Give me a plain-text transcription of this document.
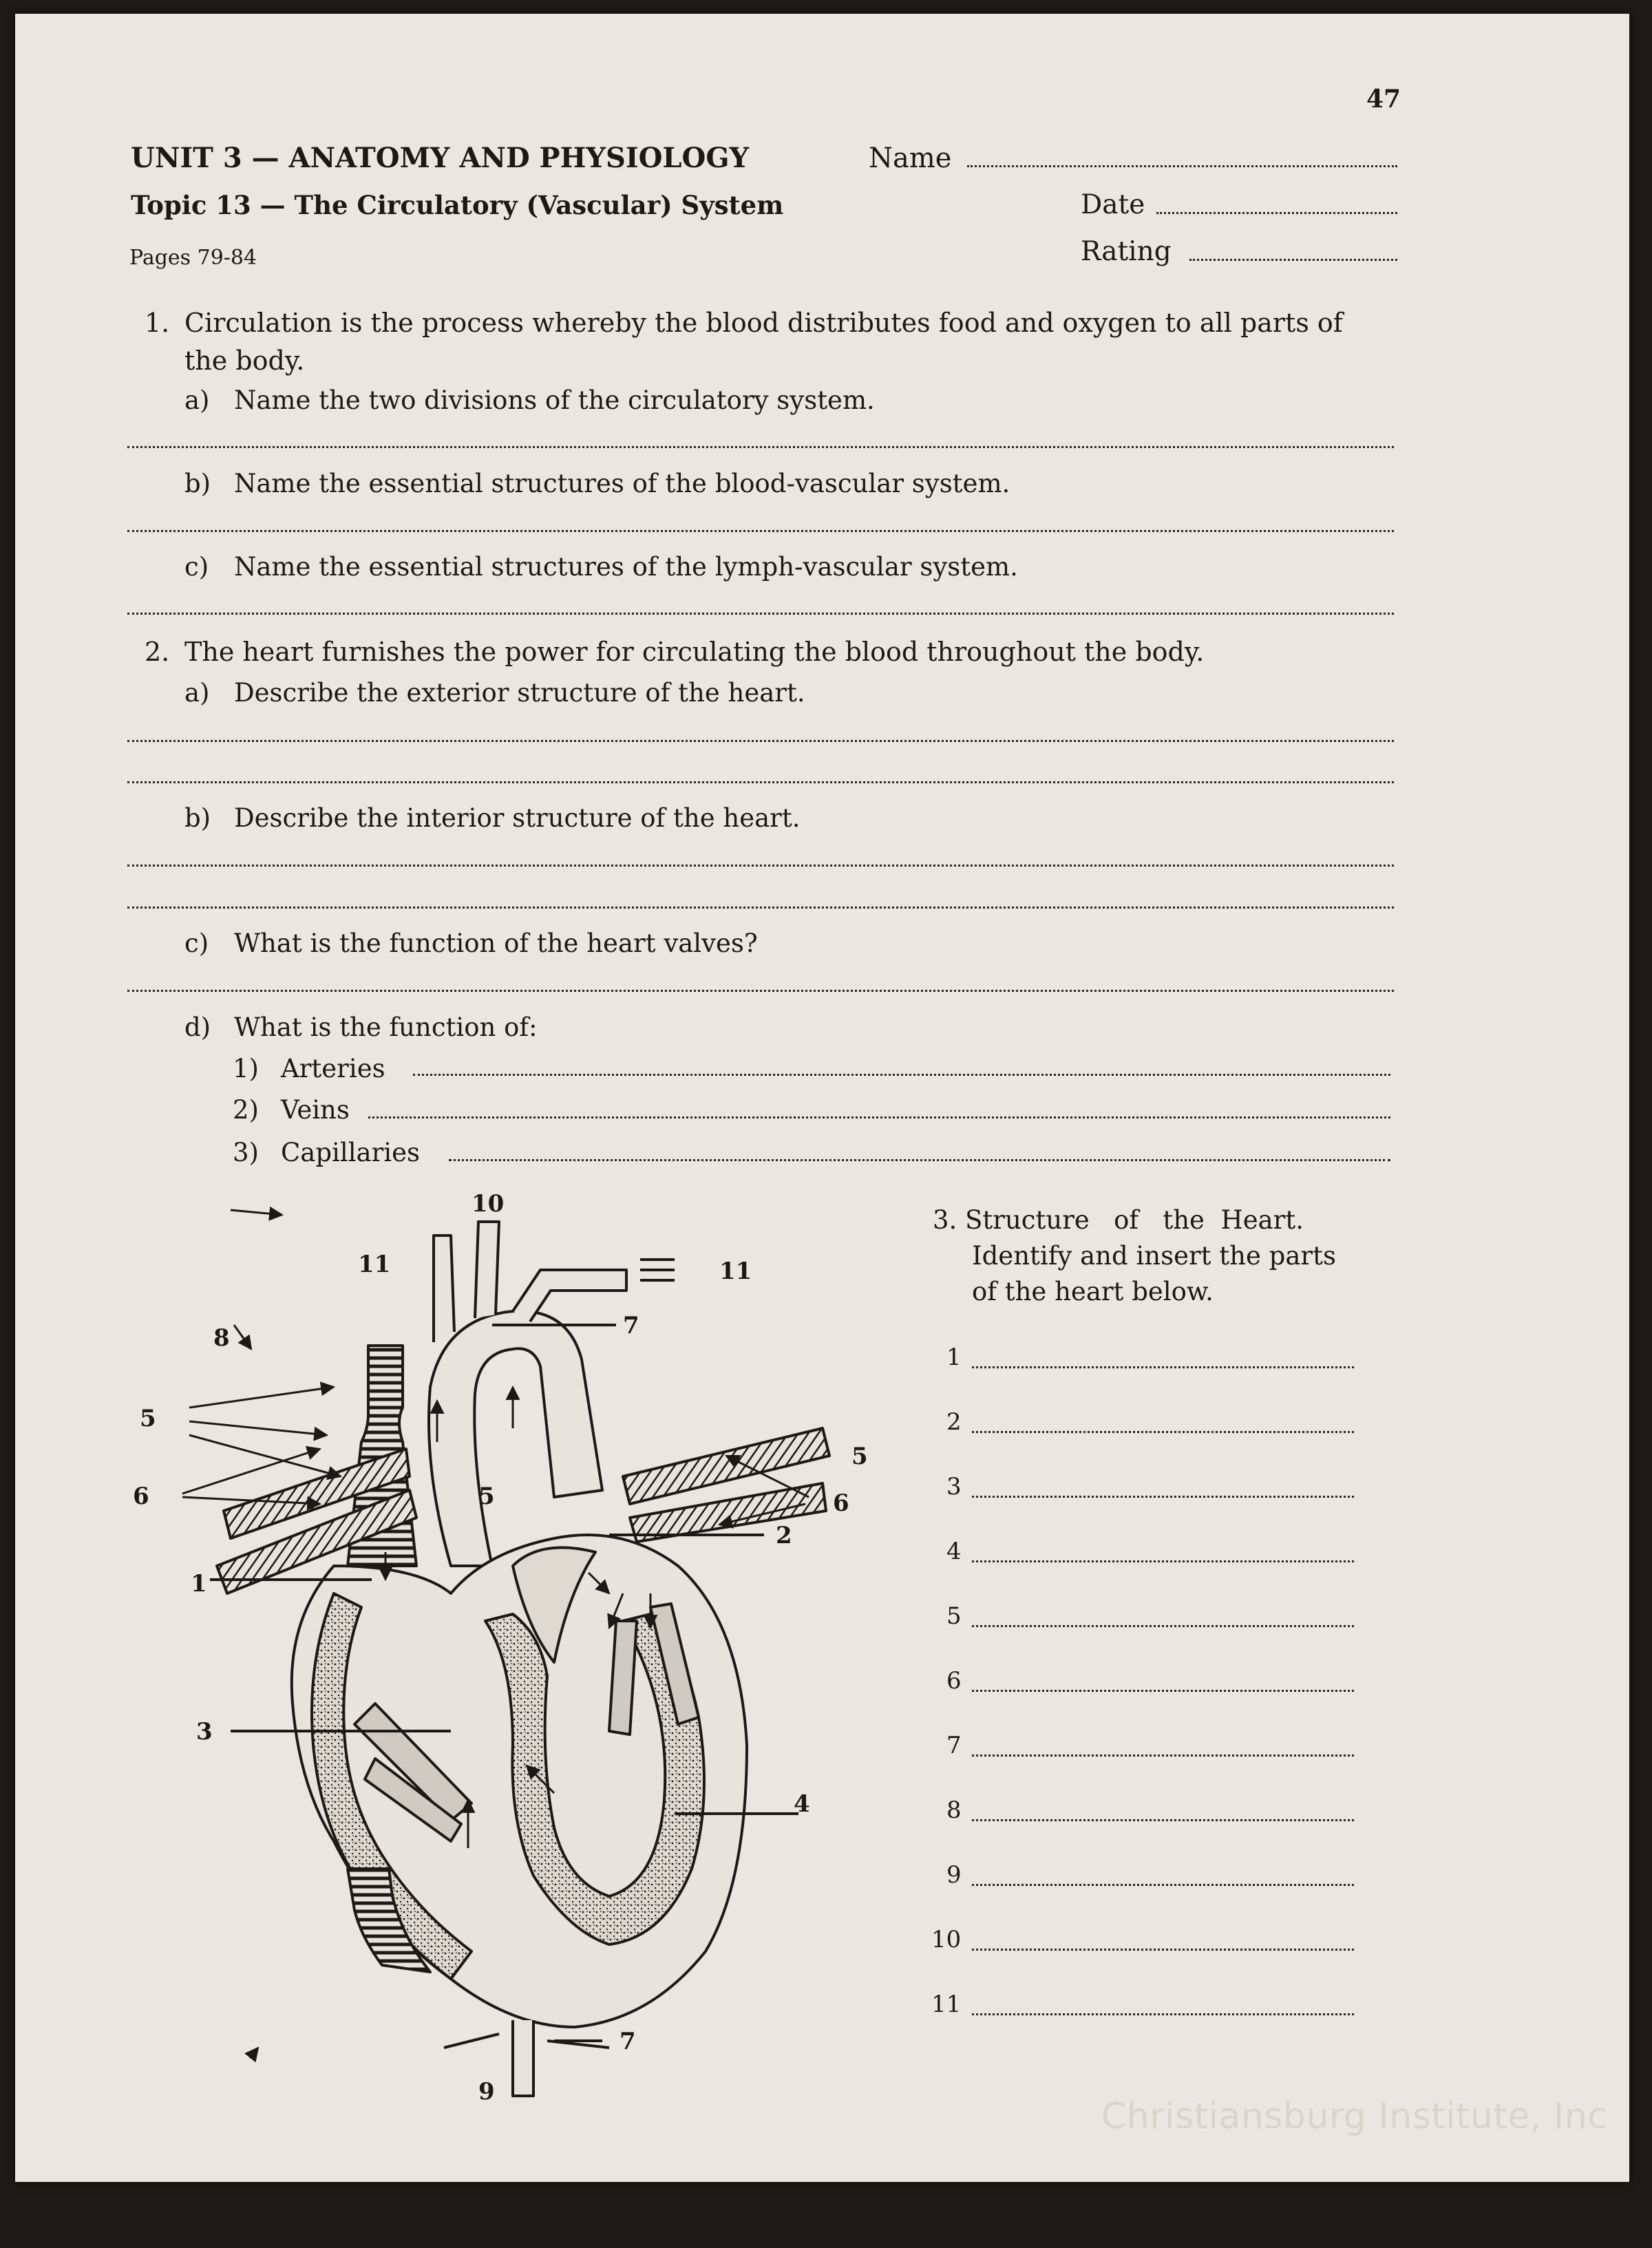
47
UNIT 3 — ANATOMY AND PHYSIOLOGY	Name
Topic 13 — The Circulatory (Vascular) System	Date
Pages 79-84	Rating
1. Circulation is the process whereby the blood distributes food and oxygen to all parts of
the body.
a) Name the two divisions of the circulatory system.
b) Name the essential structures of the blood-vascular system.
c) Name the essential structures of the lymph-vascular system.
2. The heart furnishes the power for circulating the blood throughout the body.
a) Describe the exterior structure of the heart.
b) Describe the interior structure of the heart.
c) What is the function of the heart valves?
d) What is the function of:
1) Arteries
2) Veins
3) Capillaries
3. Structure   of   the  Heart.
Identify and insert the parts
of the heart below.
1
2
3
4
5
6
7
8
9
10
11
1
2
3
4
5
5
5
6	6
7
7
8
9
10
11	11
Christiansburg Institute, Inc
